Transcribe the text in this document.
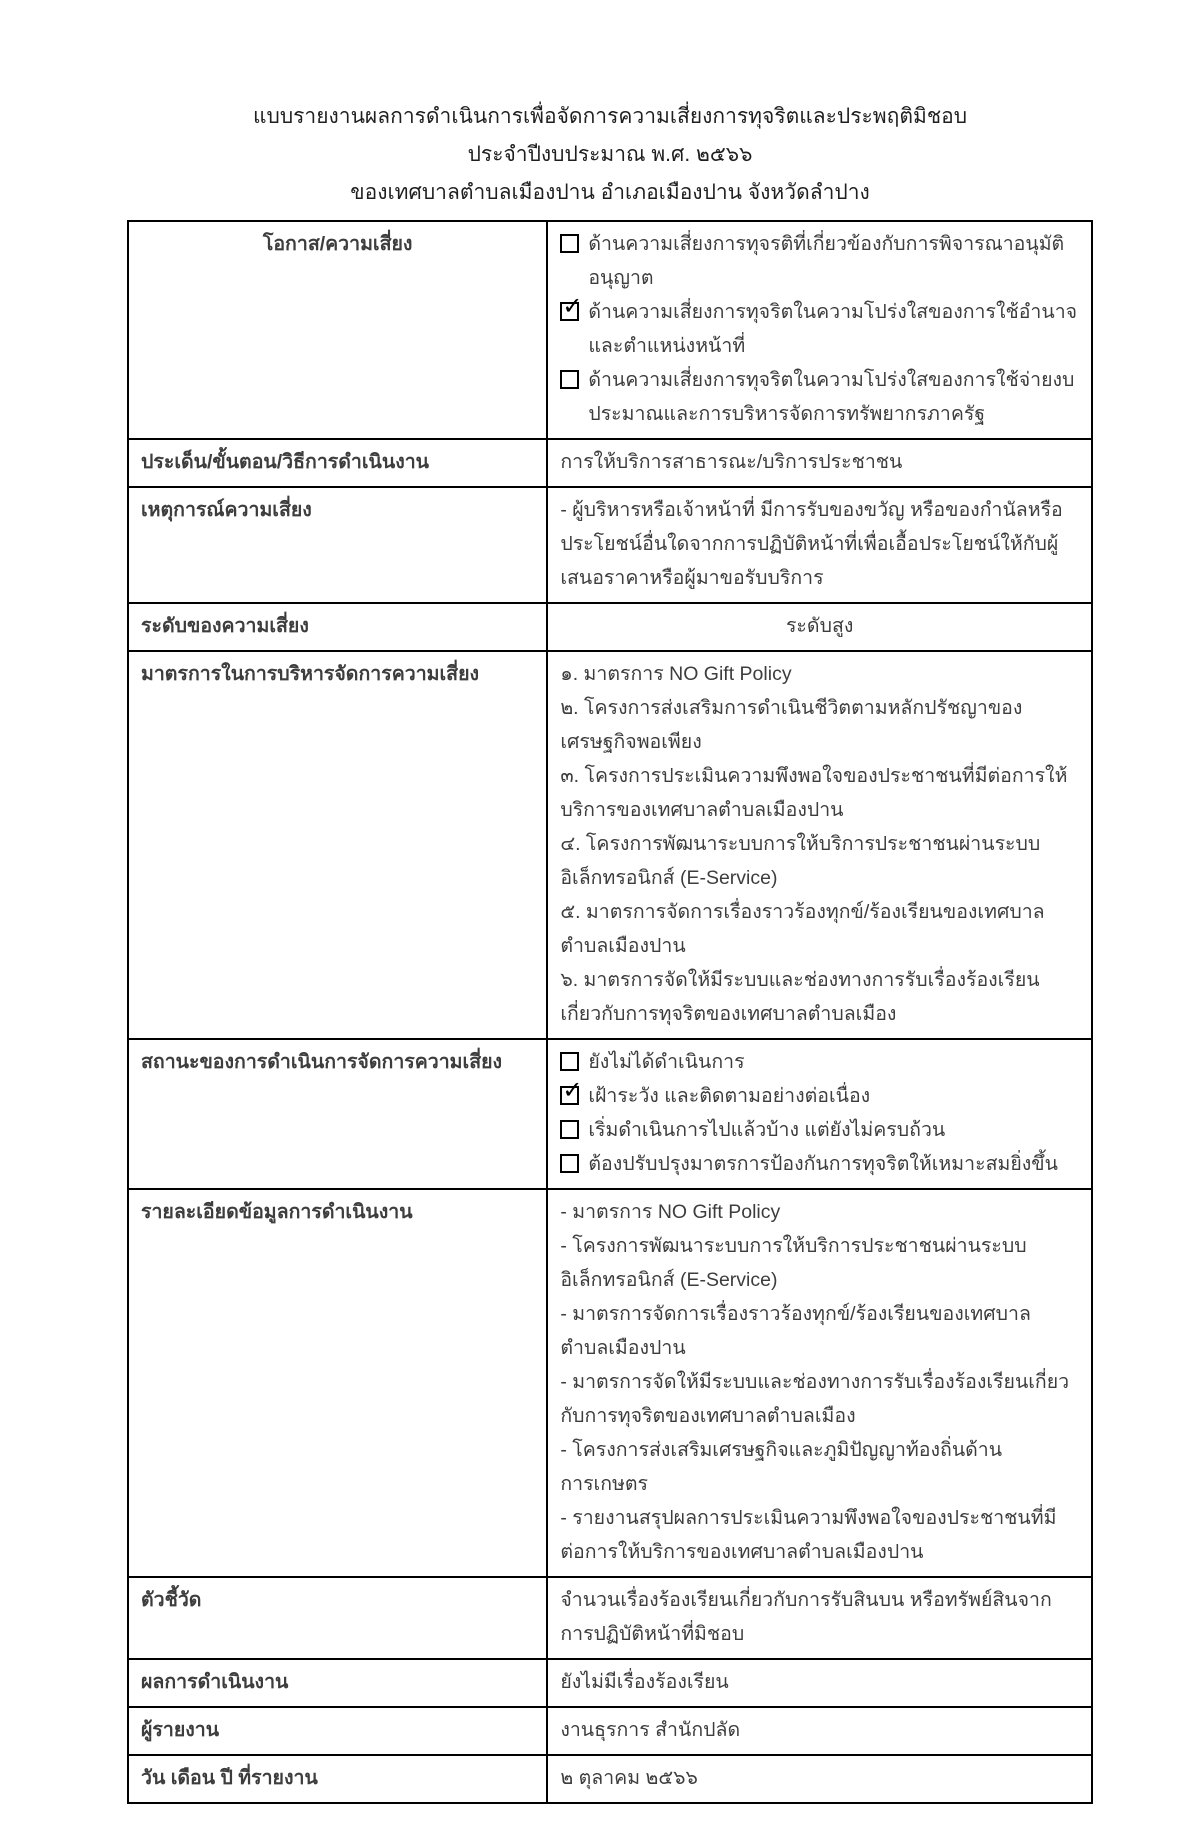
แบบรายงานผลการดำเนินการเพื่อจัดการความเสี่ยงการทุจริตและประพฤติมิชอบ
ประจำปีงบประมาณ พ.ศ. ๒๕๖๖
ของเทศบาลตำบลเมืองปาน อำเภอเมืองปาน จังหวัดลำปาง
โอกาส/ความเสี่ยง	ด้านความเสี่ยงการทุจรติที่เกี่ยวข้องกับการพิจารณาอนุมัติอนุญาต
✓
ด้านความเสี่ยงการทุจริตในความโปร่งใสของการใช้อำนาจและตำแหน่งหน้าที่
ด้านความเสี่ยงการทุจริตในความโปร่งใสของการใช้จ่ายงบประมาณและการบริหารจัดการทรัพยากรภาครัฐ

ประเด็น/ขั้นตอน/วิธีการดำเนินงาน	การให้บริการสาธารณะ/บริการประชาชน
เหตุการณ์ความเสี่ยง	- ผู้บริหารหรือเจ้าหน้าที่ มีการรับของขวัญ หรือของกำนัลหรือประโยชน์อื่นใดจากการปฏิบัติหน้าที่เพื่อเอื้อประโยชน์ให้กับผู้เสนอราคาหรือผู้มาขอรับบริการ
ระดับของความเสี่ยง	ระดับสูง
มาตรการในการบริหารจัดการความเสี่ยง	๑. มาตรการ NO Gift Policy
๒. โครงการส่งเสริมการดำเนินชีวิตตามหลักปรัชญาของเศรษฐกิจพอเพียง
๓. โครงการประเมินความพึงพอใจของประชาชนที่มีต่อการให้บริการของเทศบาลตำบลเมืองปาน
๔. โครงการพัฒนาระบบการให้บริการประชาชนผ่านระบบอิเล็กทรอนิกส์ (E-Service)
๕. มาตรการจัดการเรื่องราวร้องทุกข์/ร้องเรียนของเทศบาลตำบลเมืองปาน
๖. มาตรการจัดให้มีระบบและช่องทางการรับเรื่องร้องเรียนเกี่ยวกับการทุจริตของเทศบาลตำบลเมือง

สถานะของการดำเนินการจัดการความเสี่ยง	ยังไม่ได้ดำเนินการ
✓
เฝ้าระวัง และติดตามอย่างต่อเนื่อง
เริ่มดำเนินการไปแล้วบ้าง แต่ยังไม่ครบถ้วน
ต้องปรับปรุงมาตรการป้องกันการทุจริตให้เหมาะสมยิ่งขึ้น

รายละเอียดข้อมูลการดำเนินงาน	- มาตรการ NO Gift Policy
- โครงการพัฒนาระบบการให้บริการประชาชนผ่านระบบอิเล็กทรอนิกส์ (E-Service)
- มาตรการจัดการเรื่องราวร้องทุกข์/ร้องเรียนของเทศบาล ตำบลเมืองปาน
- มาตรการจัดให้มีระบบและช่องทางการรับเรื่องร้องเรียนเกี่ยวกับการทุจริตของเทศบาลตำบลเมือง
- โครงการส่งเสริมเศรษฐกิจและภูมิปัญญาท้องถิ่นด้านการเกษตร
- รายงานสรุปผลการประเมินความพึงพอใจของประชาชนที่มีต่อการให้บริการของเทศบาลตำบลเมืองปาน

ตัวชี้วัด	จำนวนเรื่องร้องเรียนเกี่ยวกับการรับสินบน หรือทรัพย์สินจากการปฏิบัติหน้าที่มิชอบ
ผลการดำเนินงาน	ยังไม่มีเรื่องร้องเรียน
ผู้รายงาน	งานธุรการ สำนักปลัด
วัน เดือน ปี ที่รายงาน	๒ ตุลาคม ๒๕๖๖
